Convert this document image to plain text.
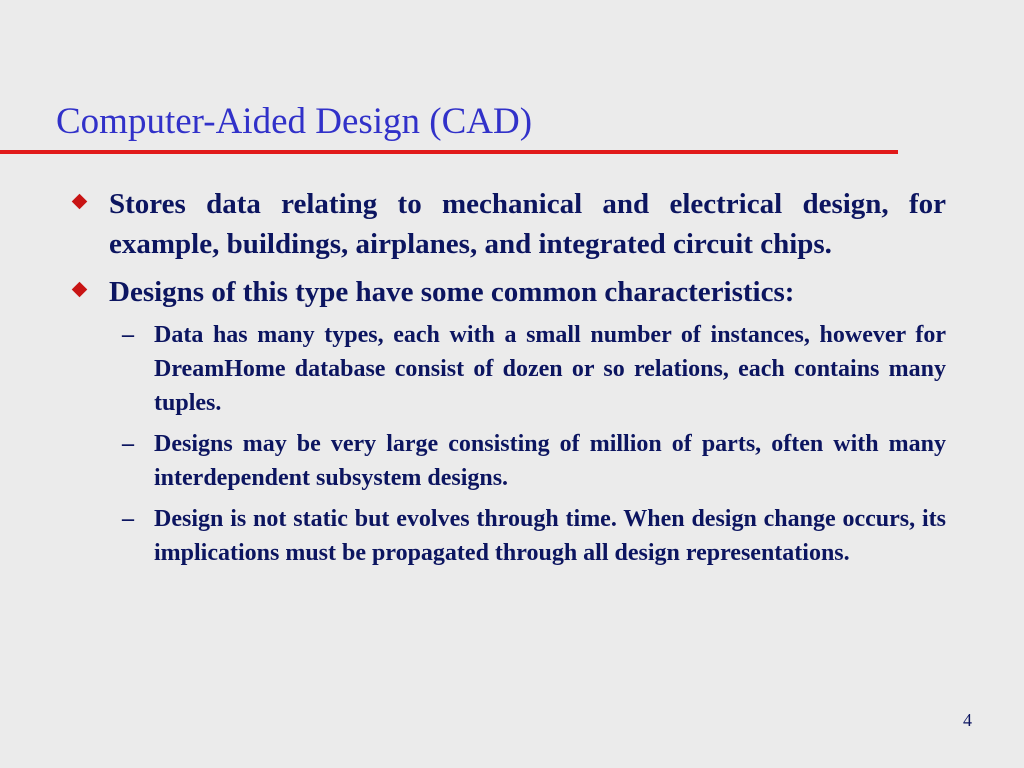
Computer-Aided Design (CAD)
Stores data relating to mechanical and electrical design, for example, buildings, airplanes, and integrated circuit chips.
Designs of this type have some common characteristics:
– Data has many types, each with a small number of instances, however for DreamHome database consist of dozen or so relations, each contains many tuples.
– Designs may be very large consisting of million of parts, often with many interdependent subsystem designs.
– Design is not static but evolves through time. When design change occurs, its implications must be propagated through all design representations.
4
